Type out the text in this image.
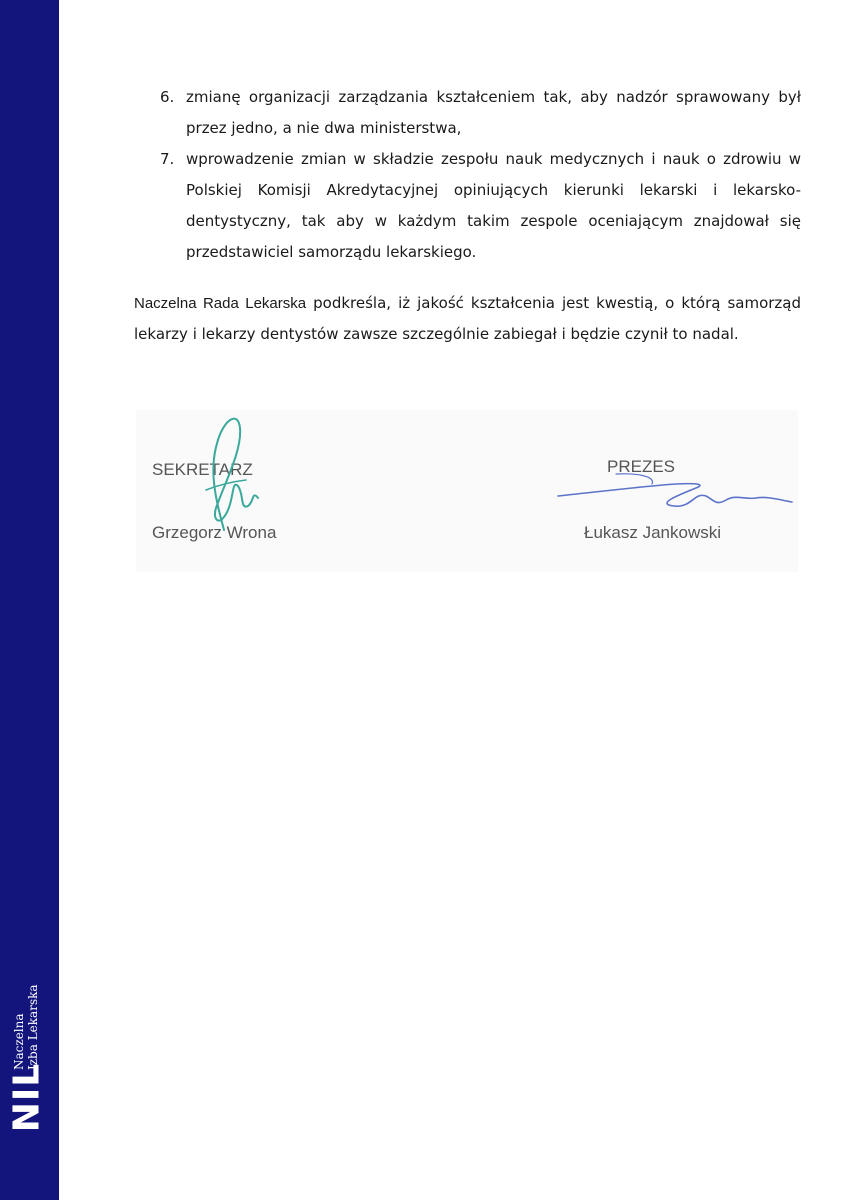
NIL
Naczelna Izba Lekarska
6. zmianę organizacji zarządzania kształceniem tak, aby nadzór sprawowany był przez jedno, a nie dwa ministerstwa,
7. wprowadzenie zmian w składzie zespołu nauk medycznych i nauk o zdrowiu w Polskiej Komisji Akredytacyjnej opiniujących kierunki lekarski i lekarsko-dentystyczny, tak aby w każdym takim zespole oceniającym znajdował się przedstawiciel samorządu lekarskiego.
Naczelna Rada Lekarska podkreśla, iż jakość kształcenia jest kwestią, o którą samorząd lekarzy i lekarzy dentystów zawsze szczególnie zabiegał i będzie czynił to nadal.
SEKRETARZ
Grzegorz Wrona
PREZES
Łukasz Jankowski
